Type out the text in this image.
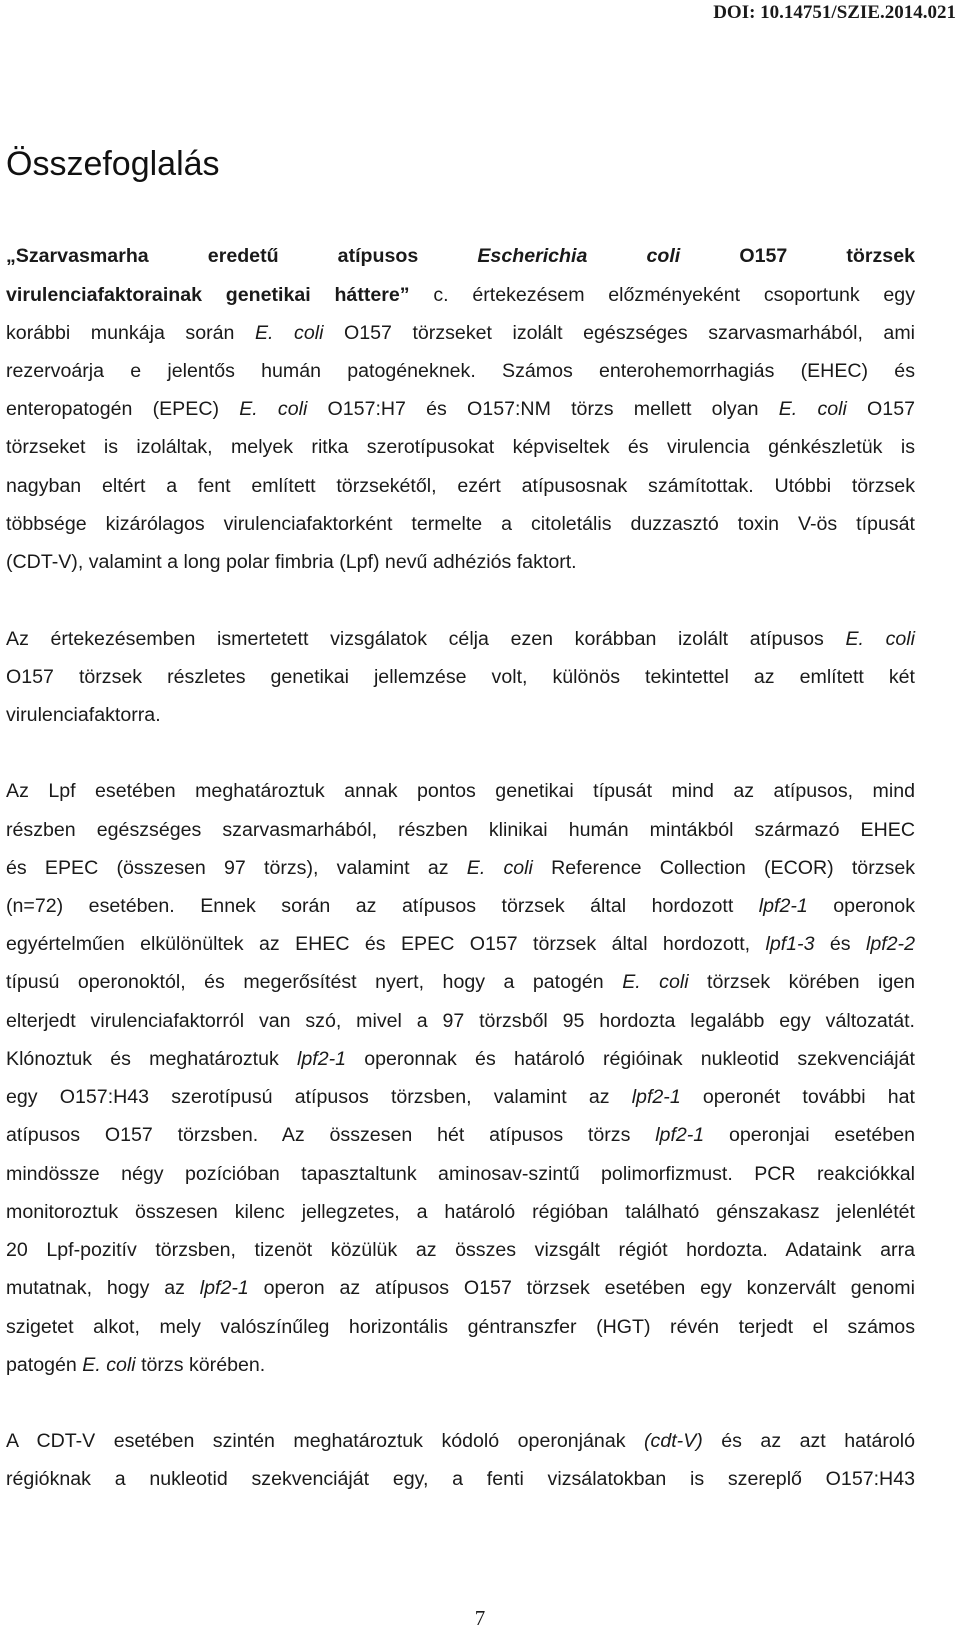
DOI: 10.14751/SZIE.2014.021
Összefoglalás
„Szarvasmarha eredetű atípusos Escherichia coli O157 törzsek
virulenciafaktorainak genetikai háttere” c. értekezésem előzményeként csoportunk egy
korábbi munkája során E. coli O157 törzseket izolált egészséges szarvasmarhából, ami
rezervoárja e jelentős humán patogéneknek. Számos enterohemorrhagiás (EHEC) és
enteropatogén (EPEC) E. coli O157:H7 és O157:NM törzs mellett olyan E. coli O157
törzseket is izoláltak, melyek ritka szerotípusokat képviseltek és virulencia génkészletük is
nagyban eltért a fent említett törzsekétől, ezért atípusosnak számítottak. Utóbbi törzsek
többsége kizárólagos virulenciafaktorként termelte a citoletális duzzasztó toxin V-ös típusát
(CDT-V), valamint a long polar fimbria (Lpf) nevű adhéziós faktort.
Az értekezésemben ismertetett vizsgálatok célja ezen korábban izolált atípusos E. coli
O157 törzsek részletes genetikai jellemzése volt, különös tekintettel az említett két
virulenciafaktorra.
Az Lpf esetében meghatároztuk annak pontos genetikai típusát mind az atípusos, mind
részben egészséges szarvasmarhából, részben klinikai humán mintákból származó EHEC
és EPEC (összesen 97 törzs), valamint az E. coli Reference Collection (ECOR) törzsek
(n=72) esetében. Ennek során az atípusos törzsek által hordozott lpf2-1 operonok
egyértelműen elkülönültek az EHEC és EPEC O157 törzsek által hordozott, lpf1-3 és lpf2-2
típusú operonoktól, és megerősítést nyert, hogy a patogén E. coli törzsek körében igen
elterjedt virulenciafaktorról van szó, mivel a 97 törzsből 95 hordozta legalább egy változatát.
Klónoztuk és meghatároztuk lpf2-1 operonnak és határoló régióinak nukleotid szekvenciáját
egy O157:H43 szerotípusú atípusos törzsben, valamint az lpf2-1 operonét további hat
atípusos O157 törzsben. Az összesen hét atípusos törzs lpf2-1 operonjai esetében
mindössze négy pozícióban tapasztaltunk aminosav-szintű polimorfizmust. PCR reakciókkal
monitoroztuk összesen kilenc jellegzetes, a határoló régióban található génszakasz jelenlétét
20 Lpf-pozitív törzsben, tizenöt közülük az összes vizsgált régiót hordozta. Adataink arra
mutatnak, hogy az lpf2-1 operon az atípusos O157 törzsek esetében egy konzervált genomi
szigetet alkot, mely valószínűleg horizontális géntranszfer (HGT) révén terjedt el számos
patogén E. coli törzs körében.
A CDT-V esetében szintén meghatároztuk kódoló operonjának (cdt-V) és az azt határoló
régióknak a nukleotid szekvenciáját egy, a fenti vizsálatokban is szereplő O157:H43
7
